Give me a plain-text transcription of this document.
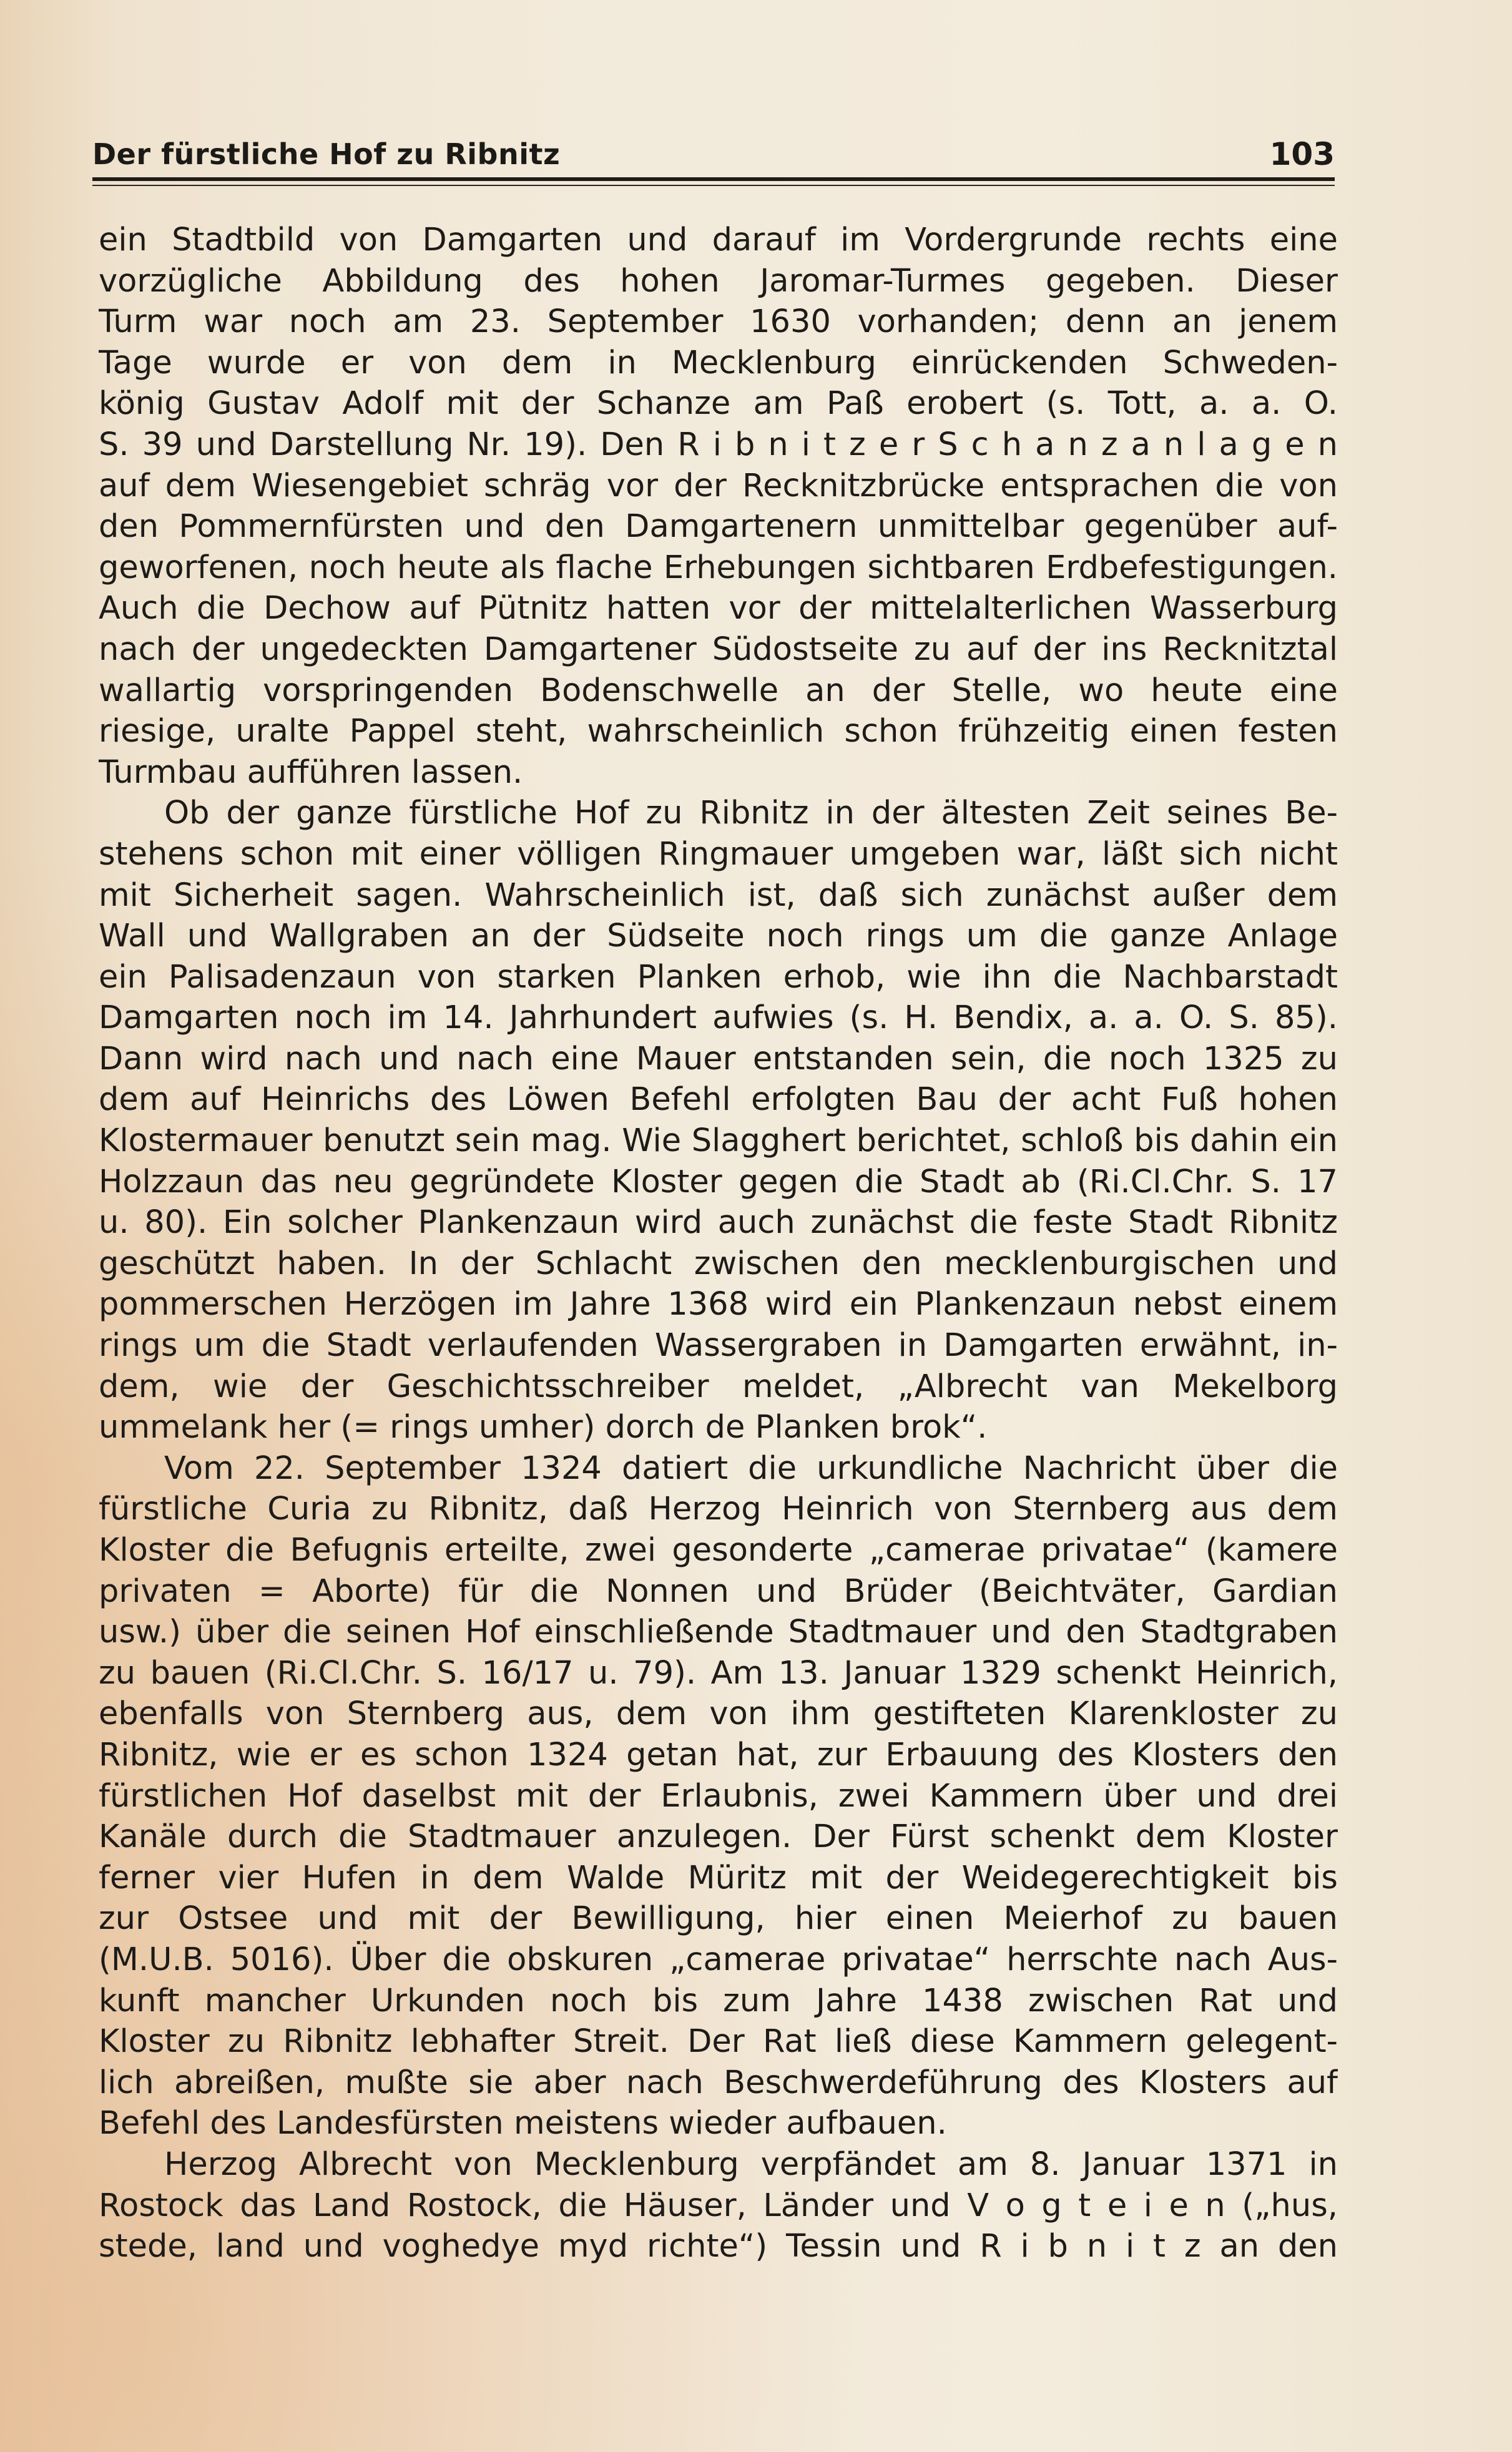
Der fürstliche Hof zu Ribnitz	103
ein Stadtbild von Damgarten und darauf im Vordergrunde rechts eine
vorzügliche Abbildung des hohen Jaromar-Turmes gegeben. Dieser
Turm war noch am 23. September 1630 vorhanden; denn an jenem
Tage wurde er von dem in Mecklenburg einrückenden Schweden-
könig Gustav Adolf mit der Schanze am Paß erobert (s. Tott, a. a. O.
S. 39 und Darstellung Nr. 19). Den R i b n i t z e r S c h a n z a n l a g e n
auf dem Wiesengebiet schräg vor der Recknitzbrücke entsprachen die von
den Pommernfürsten und den Damgartenern unmittelbar gegenüber auf-
geworfenen, noch heute als flache Erhebungen sichtbaren Erdbefestigungen.
Auch die Dechow auf Pütnitz hatten vor der mittelalterlichen Wasserburg
nach der ungedeckten Damgartener Südostseite zu auf der ins Recknitztal
wallartig vorspringenden Bodenschwelle an der Stelle, wo heute eine
riesige, uralte Pappel steht, wahrscheinlich schon frühzeitig einen festen
Turmbau aufführen lassen.
Ob der ganze fürstliche Hof zu Ribnitz in der ältesten Zeit seines Be-
stehens schon mit einer völligen Ringmauer umgeben war, läßt sich nicht
mit Sicherheit sagen. Wahrscheinlich ist, daß sich zunächst außer dem
Wall und Wallgraben an der Südseite noch rings um die ganze Anlage
ein Palisadenzaun von starken Planken erhob, wie ihn die Nachbarstadt
Damgarten noch im 14. Jahrhundert aufwies (s. H. Bendix, a. a. O. S. 85).
Dann wird nach und nach eine Mauer entstanden sein, die noch 1325 zu
dem auf Heinrichs des Löwen Befehl erfolgten Bau der acht Fuß hohen
Klostermauer benutzt sein mag. Wie Slagghert berichtet, schloß bis dahin ein
Holzzaun das neu gegründete Kloster gegen die Stadt ab (Ri.Cl.Chr. S. 17
u. 80). Ein solcher Plankenzaun wird auch zunächst die feste Stadt Ribnitz
geschützt haben. In der Schlacht zwischen den mecklenburgischen und
pommerschen Herzögen im Jahre 1368 wird ein Plankenzaun nebst einem
rings um die Stadt verlaufenden Wassergraben in Damgarten erwähnt, in-
dem, wie der Geschichtsschreiber meldet, „Albrecht van Mekelborg
ummelank her (= rings umher) dorch de Planken brok“.
Vom 22. September 1324 datiert die urkundliche Nachricht über die
fürstliche Curia zu Ribnitz, daß Herzog Heinrich von Sternberg aus dem
Kloster die Befugnis erteilte, zwei gesonderte „camerae privatae“ (kamere
privaten = Aborte) für die Nonnen und Brüder (Beichtväter, Gardian
usw.) über die seinen Hof einschließende Stadtmauer und den Stadtgraben
zu bauen (Ri.Cl.Chr. S. 16/17 u. 79). Am 13. Januar 1329 schenkt Heinrich,
ebenfalls von Sternberg aus, dem von ihm gestifteten Klarenkloster zu
Ribnitz, wie er es schon 1324 getan hat, zur Erbauung des Klosters den
fürstlichen Hof daselbst mit der Erlaubnis, zwei Kammern über und drei
Kanäle durch die Stadtmauer anzulegen. Der Fürst schenkt dem Kloster
ferner vier Hufen in dem Walde Müritz mit der Weidegerechtigkeit bis
zur Ostsee und mit der Bewilligung, hier einen Meierhof zu bauen
(M.U.B. 5016). Über die obskuren „camerae privatae“ herrschte nach Aus-
kunft mancher Urkunden noch bis zum Jahre 1438 zwischen Rat und
Kloster zu Ribnitz lebhafter Streit. Der Rat ließ diese Kammern gelegent-
lich abreißen, mußte sie aber nach Beschwerdeführung des Klosters auf
Befehl des Landesfürsten meistens wieder aufbauen.
Herzog Albrecht von Mecklenburg verpfändet am 8. Januar 1371 in
Rostock das Land Rostock, die Häuser, Länder und V o g t e i e n („hus,
stede, land und voghedye myd richte“) Tessin und R i b n i t z an den
